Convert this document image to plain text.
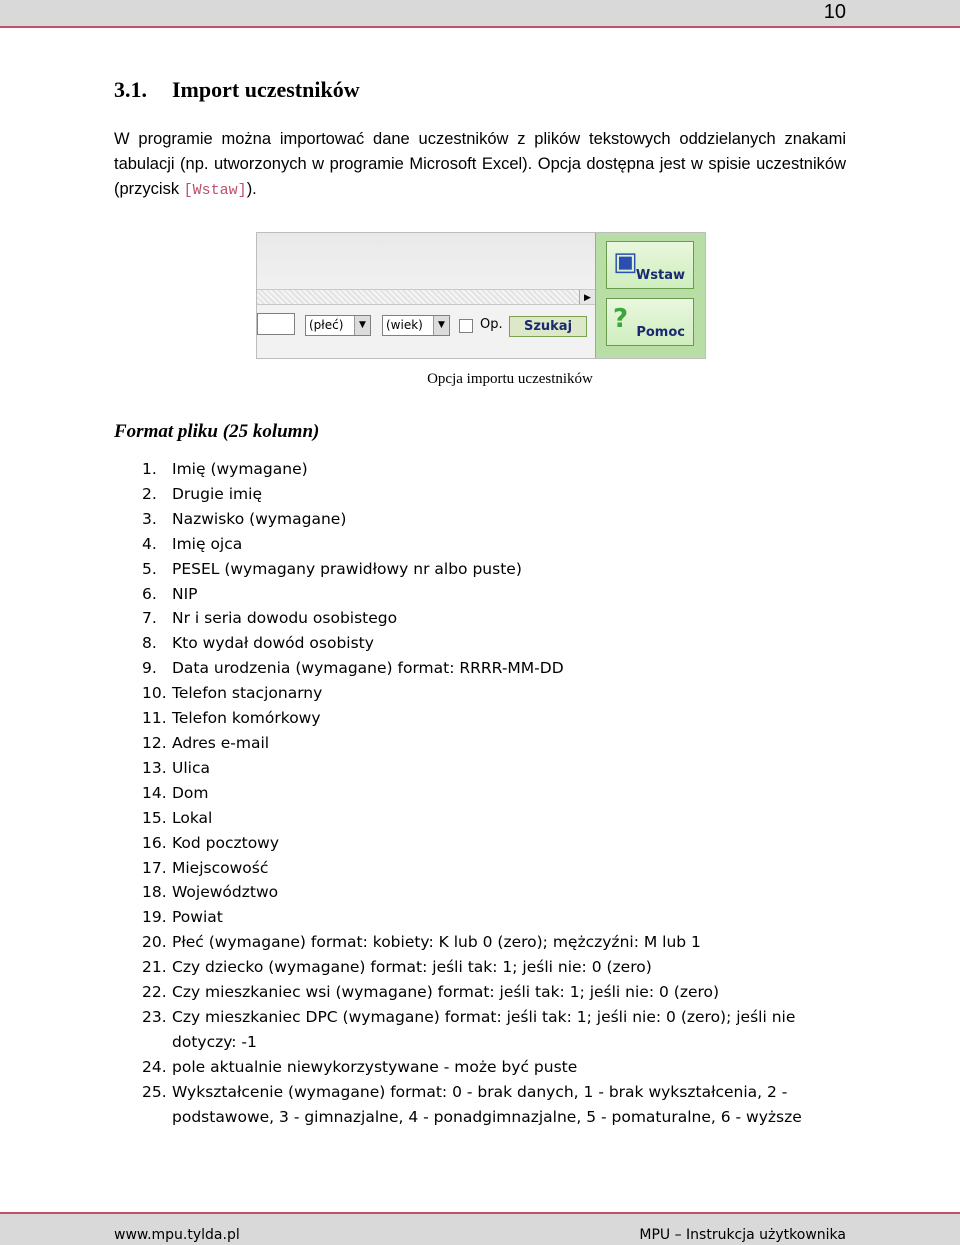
10
3.1. Import uczestników

W programie można importować dane uczestników z plików tekstowych oddzielanych znakami tabulacji (np. utworzonych w programie Microsoft Excel). Opcja dostępna jest w spisie uczestników (przycisk [Wstaw]).

▶
(płeć)	▼	(wiek)	▼	Op.	Szukaj
▣
Wstaw
? Pomoc
Opcja importu uczestników
Format pliku (25 kolumn)
1. Imię (wymagane)
2. Drugie imię
3. Nazwisko (wymagane)
4. Imię ojca
5. PESEL (wymagany prawidłowy nr albo puste)
6. NIP
7. Nr i seria dowodu osobistego
8. Kto wydał dowód osobisty
9. Data urodzenia (wymagane) format: RRRR-MM-DD
10. Telefon stacjonarny
11. Telefon komórkowy
12. Adres e-mail
13. Ulica
14. Dom
15. Lokal
16. Kod pocztowy
17. Miejscowość
18. Województwo
19. Powiat
20. Płeć (wymagane) format: kobiety: K lub 0 (zero); mężczyźni: M lub 1
21. Czy dziecko (wymagane) format: jeśli tak: 1; jeśli nie: 0 (zero)
22. Czy mieszkaniec wsi (wymagane) format: jeśli tak: 1; jeśli nie: 0 (zero)
23. Czy mieszkaniec DPC (wymagane) format: jeśli tak: 1; jeśli nie: 0 (zero); jeśli nie dotyczy: -1
24. pole aktualnie niewykorzystywane - może być puste
25. Wykształcenie (wymagane) format: 0 - brak danych, 1 - brak wykształcenia, 2 - podstawowe, 3 - gimnazjalne, 4 - ponadgimnazjalne, 5 - pomaturalne, 6 - wyższe
www.mpu.tylda.pl	MPU – Instrukcja użytkownika
